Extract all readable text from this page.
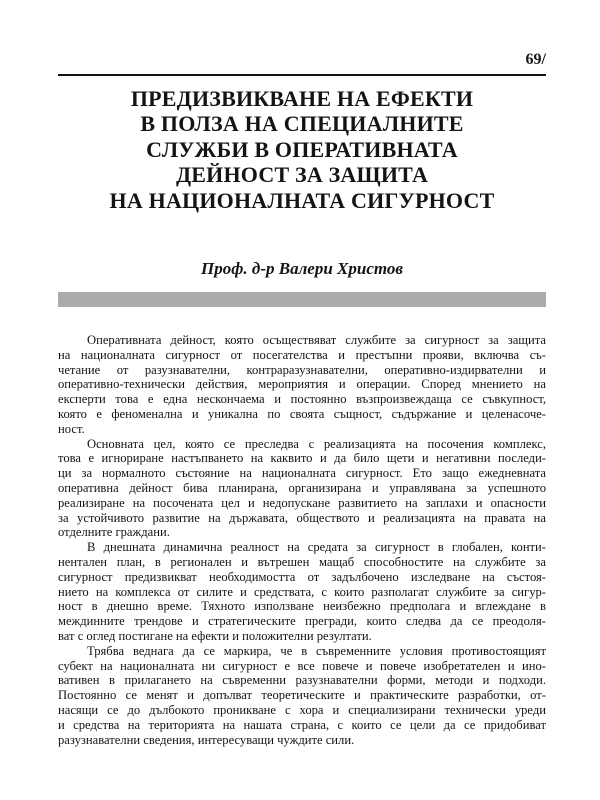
69/
ПРЕДИЗВИКВАНЕ НА ЕФЕКТИ
В ПОЛЗА НА СПЕЦИАЛНИТЕ
СЛУЖБИ В ОПЕРАТИВНАТА
ДЕЙНОСТ ЗА ЗАЩИТА
НА НАЦИОНАЛНАТА СИГУРНОСТ
Проф. д-р Валери Христов
Оперативната дейност, която осъществяват службите за сигурност за защита
на националната сигурност от посегателства и престъпни прояви, включва съ-
четание от разузнавателни, контраразузнавателни, оперативно-издирвателни и
оперативно-технически действия, мероприятия и операции. Според мнението на
експерти това е една нескончаема и постоянно възпроизвеждаща се съвкупност,
която е феноменална и уникална по своята същност, съдържание и целенасоче-
ност.
Основната цел, която се преследва с реализацията на посочения комплекс,
това е игнориране настъпването на каквито и да било щети и негативни последи-
ци за нормалното състояние на националната сигурност. Ето защо ежедневната
оперативна дейност бива планирана, организирана и управлявана за успешното
реализиране на посочената цел и недопускане развитието на заплахи и опасности
за устойчивото развитие на държавата, обществото и реализацията на правата на
отделните граждани.
В днешната динамична реалност на средата за сигурност в глобален, конти-
нентален план, в регионален и вътрешен мащаб способностите на службите за
сигурност предизвикват необходимостта от задълбочено изследване на състоя-
нието на комплекса от силите и средствата, с които разполагат службите за сигур-
ност в днешно време. Тяхното използване неизбежно предполага и вглеждане в
междинните трендове и стратегическите прегради, които следва да се преодоля-
ват с оглед постигане на ефекти и положителни резултати.
Трябва веднага да се маркира, че в съвременните условия противостоящият
субект на националната ни сигурност е все повече и повече изобретателен и ино-
вативен в прилагането на съвременни разузнавателни форми, методи и подходи.
Постоянно се менят и допълват теоретическите и практическите разработки, от-
насящи се до дълбокото проникване с хора и специализирани технически уреди
и средства на територията на нашата страна, с които се цели да се придобиват
разузнавателни сведения, интересуващи чуждите сили.
